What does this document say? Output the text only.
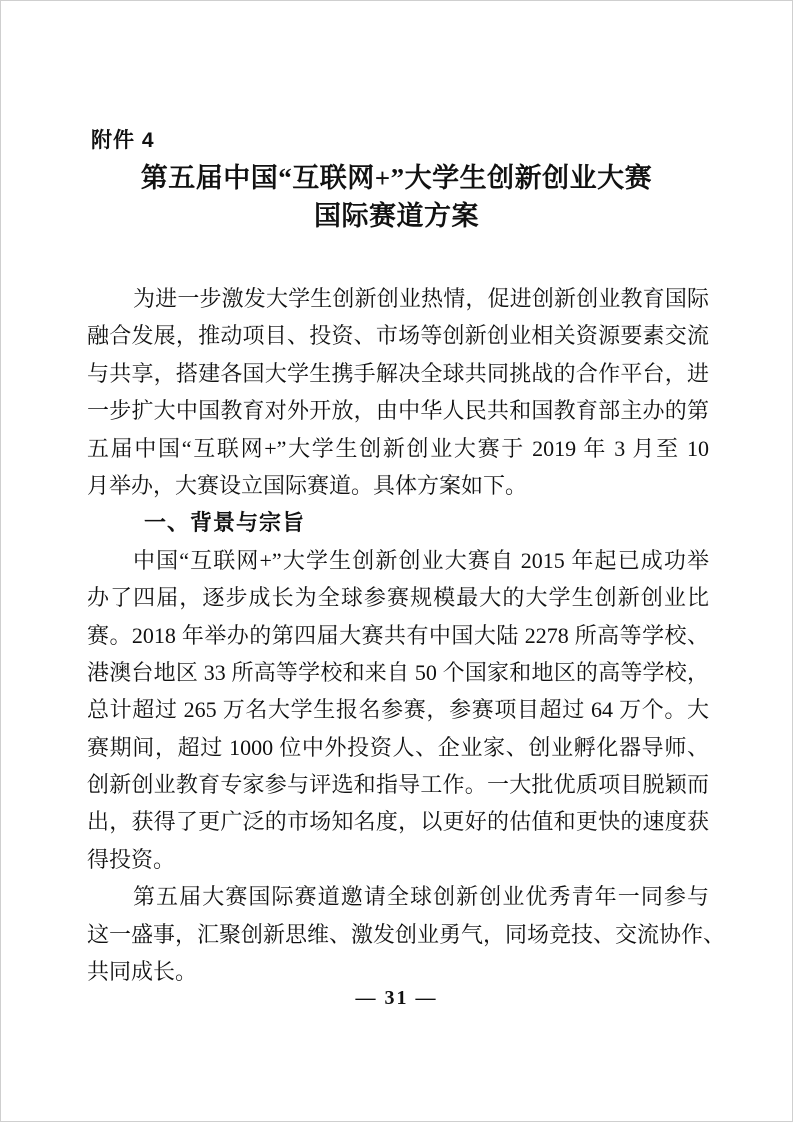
附件 4
第五届中国“互联网+”大学生创新创业大赛
国际赛道方案
为进一步激发大学生创新创业热情，促进创新创业教育国际
融合发展，推动项目、投资、市场等创新创业相关资源要素交流
与共享，搭建各国大学生携手解决全球共同挑战的合作平台，进
一步扩大中国教育对外开放，由中华人民共和国教育部主办的第
五届中国“互联网+”大学生创新创业大赛于 2019 年 3 月至 10
月举办，大赛设立国际赛道。具体方案如下。
一、背景与宗旨
中国“互联网+”大学生创新创业大赛自 2015 年起已成功举
办了四届，逐步成长为全球参赛规模最大的大学生创新创业比
赛。2018 年举办的第四届大赛共有中国大陆 2278 所高等学校、
港澳台地区 33 所高等学校和来自 50 个国家和地区的高等学校，
总计超过 265 万名大学生报名参赛，参赛项目超过 64 万个。大
赛期间，超过 1000 位中外投资人、企业家、创业孵化器导师、
创新创业教育专家参与评选和指导工作。一大批优质项目脱颖而
出，获得了更广泛的市场知名度，以更好的估值和更快的速度获
得投资。
第五届大赛国际赛道邀请全球创新创业优秀青年一同参与
这一盛事，汇聚创新思维、激发创业勇气，同场竞技、交流协作、
共同成长。
— 31 —
